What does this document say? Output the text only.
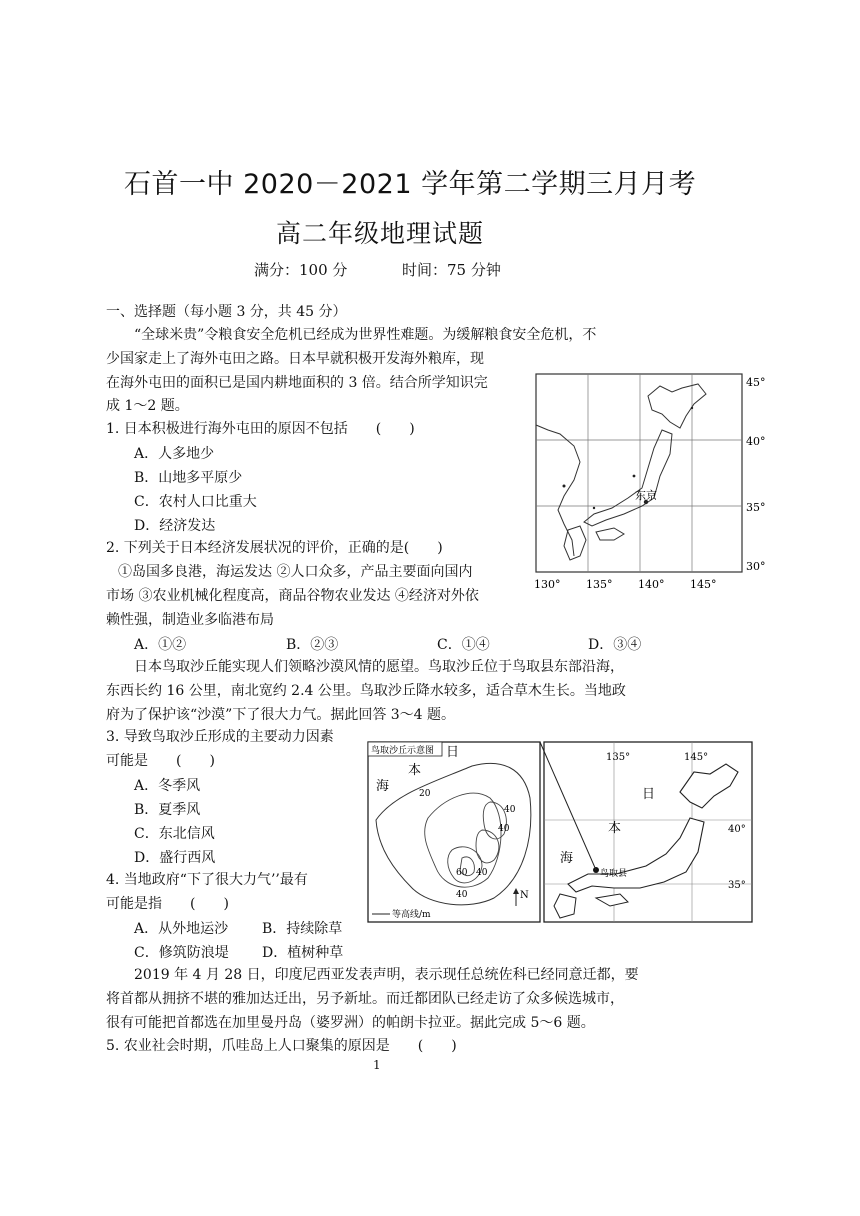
石首一中 2020－2021 学年第二学期三月月考
高二年级地理试题
满分：100 分	时间：75 分钟
一、选择题（每小题 3 分，共 45 分）
“全球米贵”令粮食安全危机已经成为世界性难题。为缓解粮食安全危机，不
少国家走上了海外屯田之路。日本早就积极开发海外粮库，现
在海外屯田的面积已是国内耕地面积的 3 倍。结合所学知识完
成 1～2 题。
东京
45°
40°
35°
30°
130° 135° 140° 145°
1. 日本积极进行海外屯田的原因不包括　　(　　)
A．人多地少
B．山地多平原少
C．农村人口比重大
D．经济发达
2. 下列关于日本经济发展状况的评价，正确的是(　　)
①岛国多良港，海运发达 ②人口众多，产品主要面向国内
市场 ③农业机械化程度高，商品谷物农业发达 ④经济对外依
赖性强，制造业多临港布局
A．①②	B．②③	C．①④	D．③④
日本鸟取沙丘能实现人们领略沙漠风情的愿望。鸟取沙丘位于鸟取县东部沿海，
东西长约 16 公里，南北宽约 2.4 公里。鸟取沙丘降水较多，适合草木生长。当地政
府为了保护该“沙漠”下了很大力气。据此回答 3～4 题。
鸟取沙丘示意图 日
本
海	20
40
40
60 40
40	N
等高线/m
135°	145°
40°
35°
日
本
海
鸟取县
3. 导致鸟取沙丘形成的主要动力因素
可能是　　(　　)
A．冬季风
B．夏季风
C．东北信风
D．盛行西风
4. 当地政府“下了很大力气’’最有
可能是指　　(　　)
A．从外地运沙 B．持续除草
C．修筑防浪堤 D．植树种草
2019 年 4 月 28 日，印度尼西亚发表声明，表示现任总统佐科已经同意迁都，要
将首都从拥挤不堪的雅加达迁出，另予新址。而迁都团队已经走访了众多候选城市，
很有可能把首都选在加里曼丹岛（婆罗洲）的帕朗卡拉亚。据此完成 5～6 题。
5. 农业社会时期，爪哇岛上人口聚集的原因是　　(　　)
1
